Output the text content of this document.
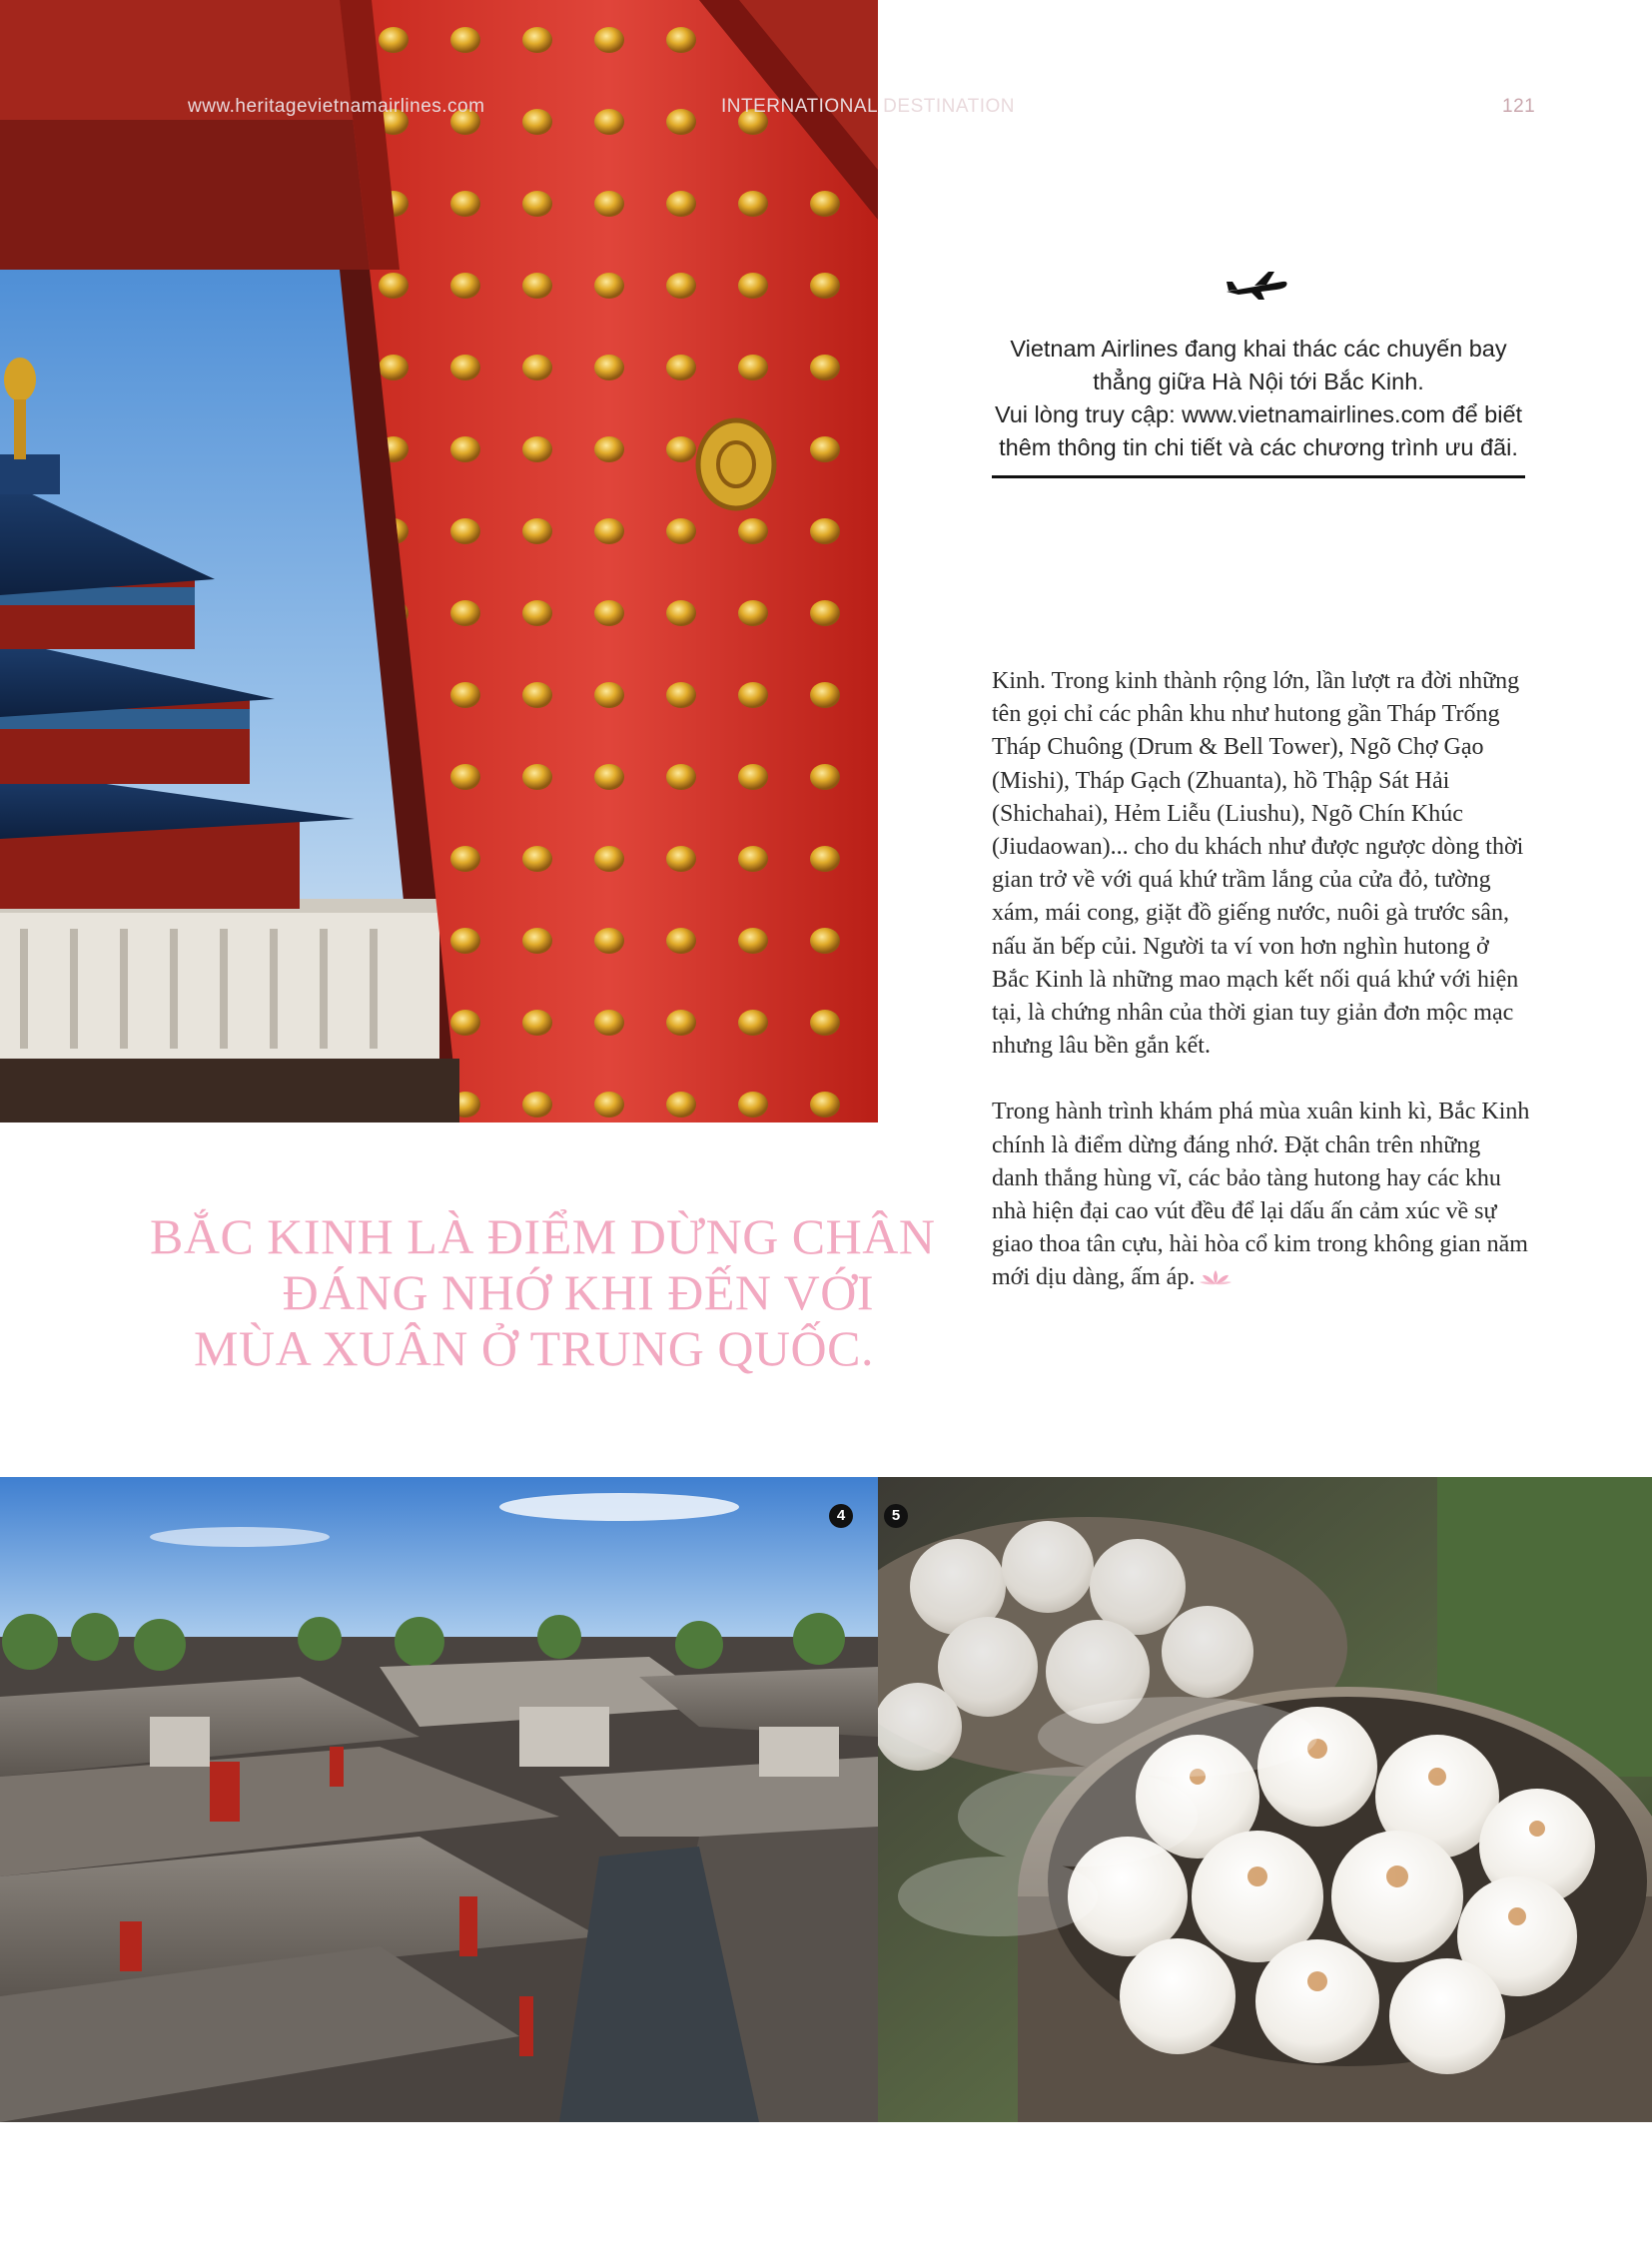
www.heritagevietnamairlines.com	INTERNATIONAL DESTINATION	121

Vietnam Airlines đang khai thác các chuyến bay

thẳng giữa Hà Nội tới Bắc Kinh.

Vui lòng truy cập: www.vietnamairlines.com để biết

thêm thông tin chi tiết và các chương trình ưu đãi.

Kinh. Trong kinh thành rộng lớn, lần lượt ra đời những tên gọi chỉ các phân khu như hutong gần Tháp Trống Tháp Chuông (Drum & Bell Tower), Ngõ Chợ Gạo (Mishi), Tháp Gạch (Zhuanta), hồ Thập Sát Hải (Shichahai), Hẻm Liễu (Liushu), Ngõ Chín Khúc (Jiudaowan)... cho du khách như được ngược dòng thời gian trở về với quá khứ trầm lắng của cửa đỏ, tường xám, mái cong, giặt đồ giếng nước, nuôi gà trước sân, nấu ăn bếp củi. Người ta ví von hơn nghìn hutong ở Bắc Kinh là những mao mạch kết nối quá khứ với hiện tại, là chứng nhân của thời gian tuy giản đơn mộc mạc nhưng lâu bền gắn kết.

Trong hành trình khám phá mùa xuân kinh kì, Bắc Kinh chính là điểm dừng đáng nhớ. Đặt chân trên những danh thắng hùng vĩ, các bảo tàng hutong hay các khu nhà hiện đại cao vút đều để lại dấu ấn cảm xúc về sự giao thoa tân cựu, hài hòa cổ kim trong không gian năm mới dịu dàng, ấm áp.

BẮC KINH LÀ ĐIỂM DỪNG CHÂN
ĐÁNG NHỚ KHI ĐẾN VỚI
MÙA XUÂN Ở TRUNG QUỐC.
4	5
